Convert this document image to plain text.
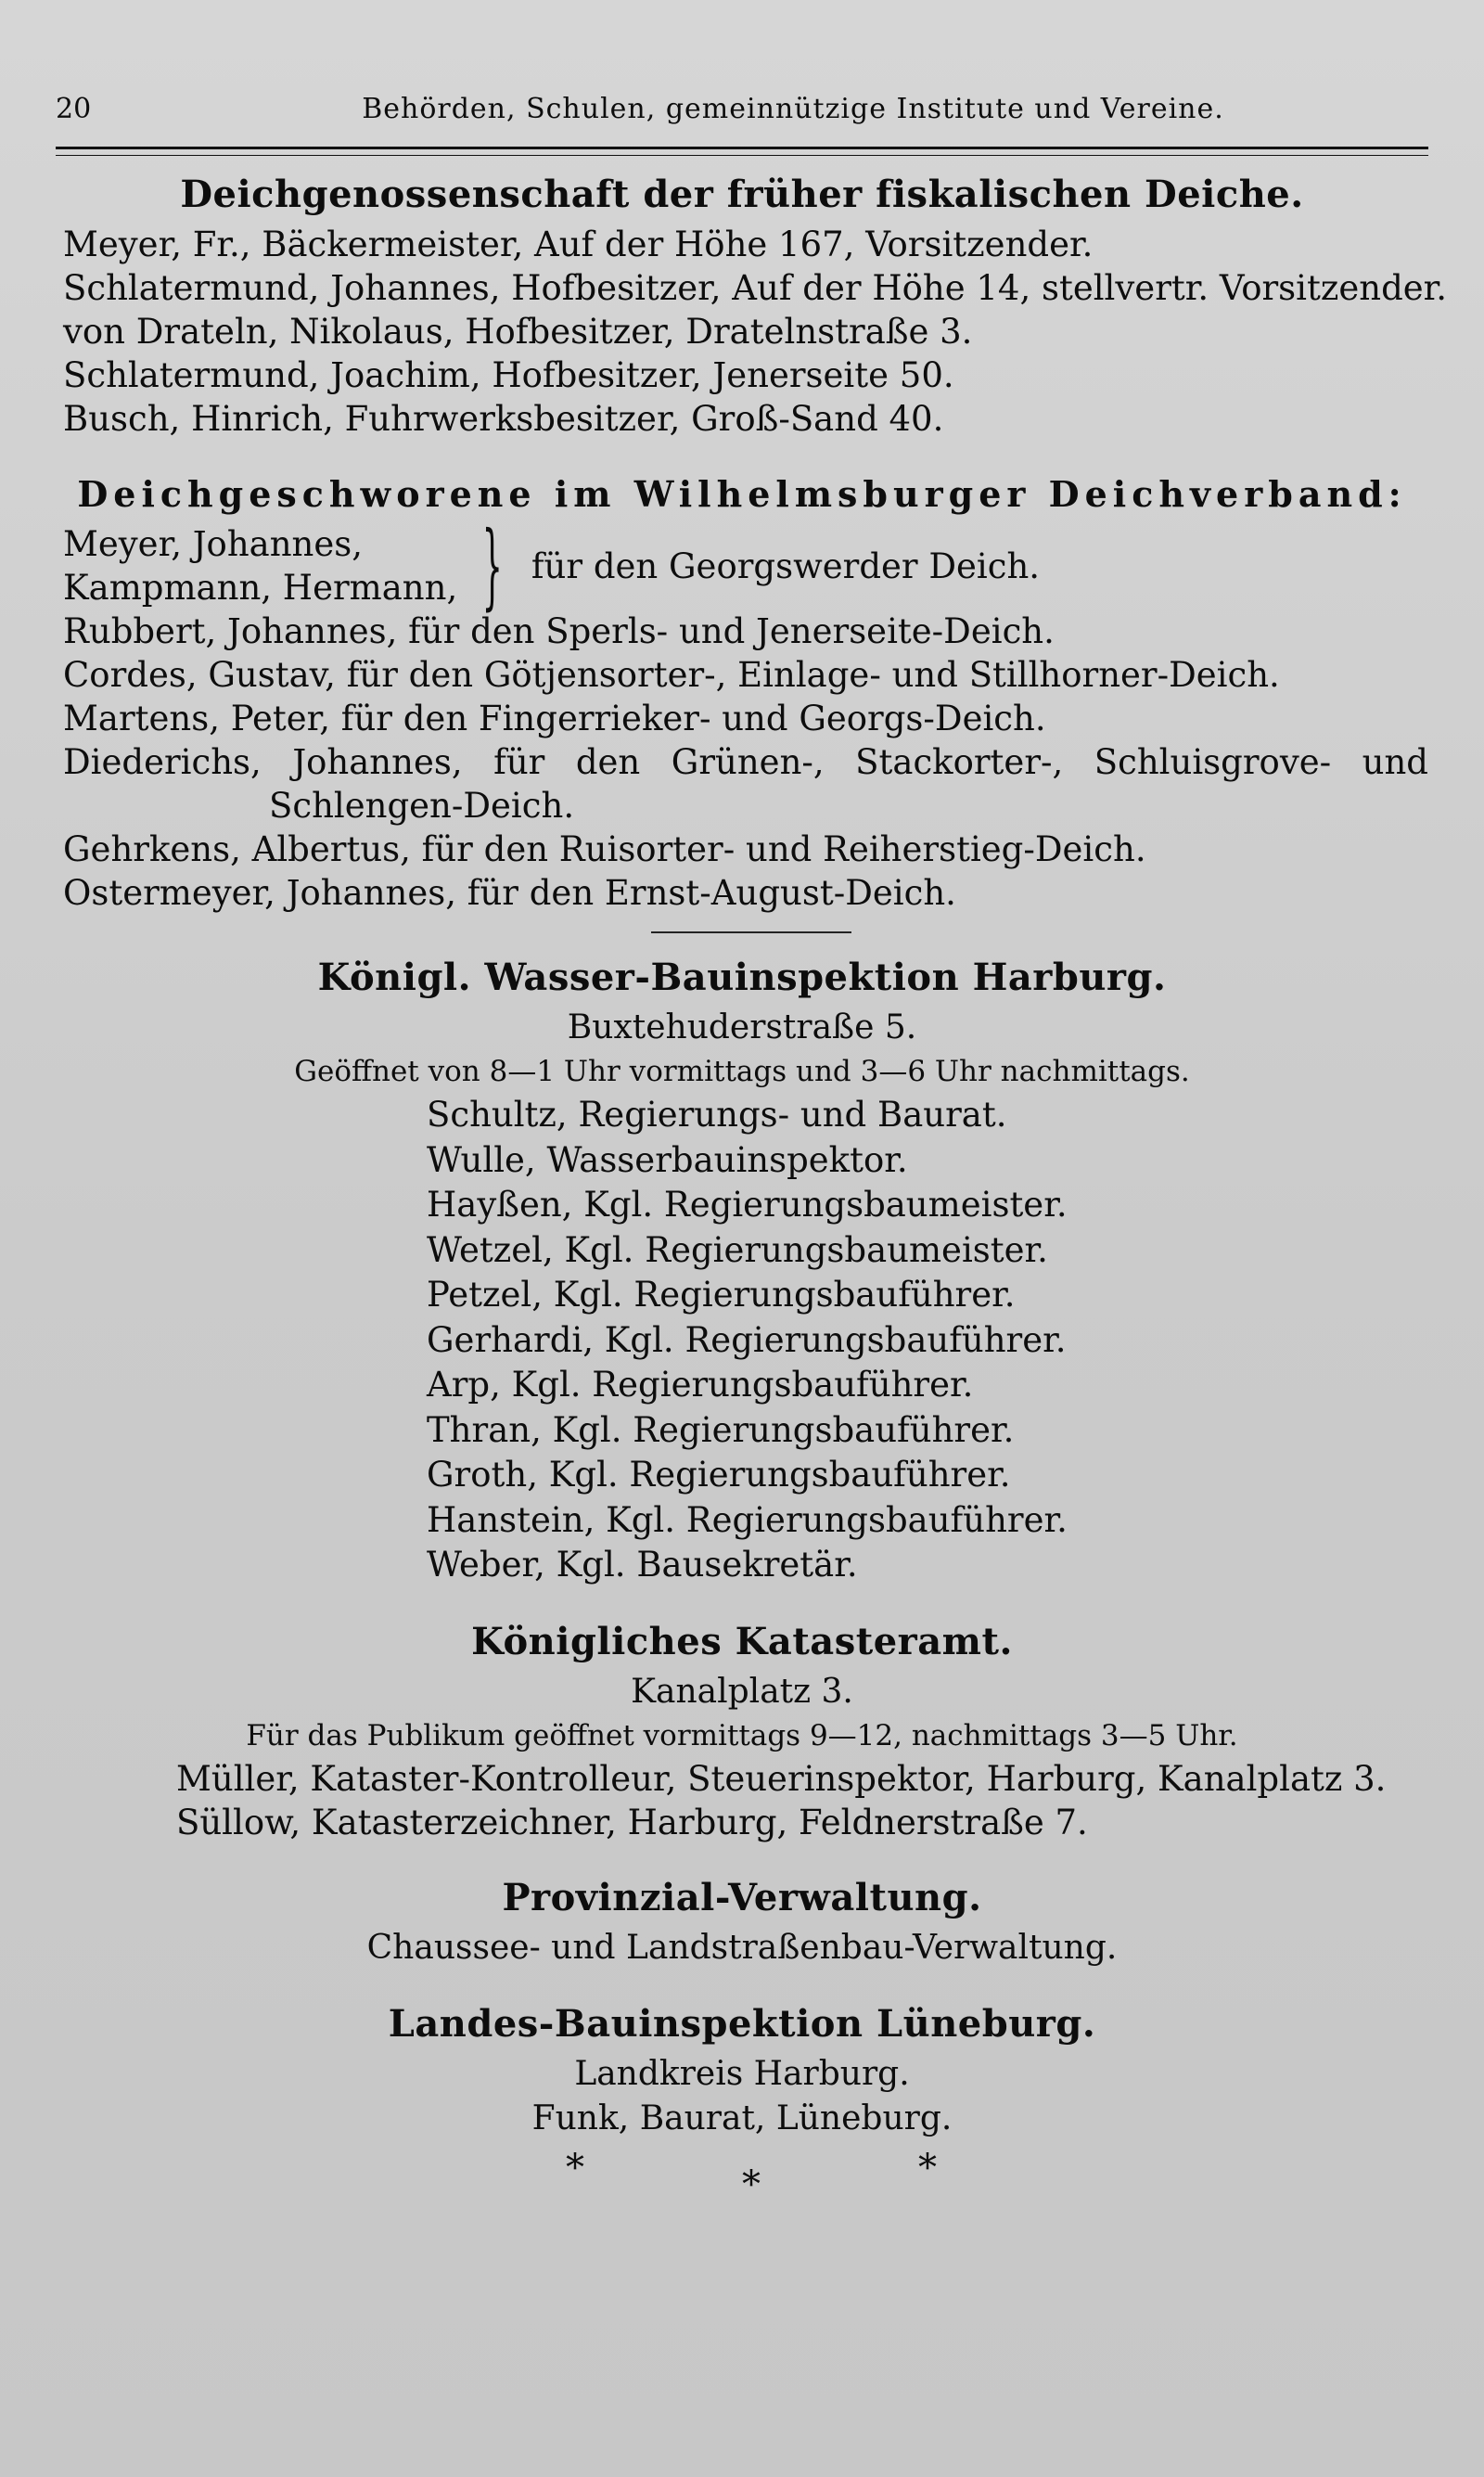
20	Behörden, Schulen, gemeinnützige Institute und Vereine.
Deichgenossenschaft der früher fiskalischen Deiche.
Meyer, Fr., Bäckermeister, Auf der Höhe 167, Vorsitzender.
Schlatermund, Johannes, Hofbesitzer, Auf der Höhe 14, stellvertr. Vorsitzender.
von Drateln, Nikolaus, Hofbesitzer, Dratelnstraße 3.
Schlatermund, Joachim, Hofbesitzer, Jenerseite 50.
Busch, Hinrich, Fuhrwerksbesitzer, Groß-Sand 40.
Deichgeschworene im Wilhelmsburger Deichverband:
Meyer, Johannes,
Kampmann, Hermann, } für den Georgswerder Deich.
Rubbert, Johannes, für den Sperls- und Jenerseite-Deich.
Cordes, Gustav, für den Götjensorter-, Einlage- und Stillhorner-Deich.
Martens, Peter, für den Fingerrieker- und Georgs-Deich.
Diederichs, Johannes, für den Grünen-, Stackorter-, Schluisgrove- und
Schlengen-Deich.
Gehrkens, Albertus, für den Ruisorter- und Reiherstieg-Deich.
Ostermeyer, Johannes, für den Ernst-August-Deich.
Königl. Wasser-Bauinspektion Harburg.
Buxtehuderstraße 5.
Geöffnet von 8—1 Uhr vormittags und 3—6 Uhr nachmittags.
Schultz, Regierungs- und Baurat.
Wulle, Wasserbauinspektor.
Hayßen, Kgl. Regierungsbaumeister.
Wetzel, Kgl. Regierungsbaumeister.
Petzel, Kgl. Regierungsbauführer.
Gerhardi, Kgl. Regierungsbauführer.
Arp, Kgl. Regierungsbauführer.
Thran, Kgl. Regierungsbauführer.
Groth, Kgl. Regierungsbauführer.
Hanstein, Kgl. Regierungsbauführer.
Weber, Kgl. Bausekretär.
Königliches Katasteramt.
Kanalplatz 3.
Für das Publikum geöffnet vormittags 9—12, nachmittags 3—5 Uhr.
Müller, Kataster-Kontrolleur, Steuerinspektor, Harburg, Kanalplatz 3.
Süllow, Katasterzeichner, Harburg, Feldnerstraße 7.
Provinzial-Verwaltung.
Chaussee- und Landstraßenbau-Verwaltung.
Landes-Bauinspektion Lüneburg.
Landkreis Harburg.
Funk, Baurat, Lüneburg.
*	*	*
